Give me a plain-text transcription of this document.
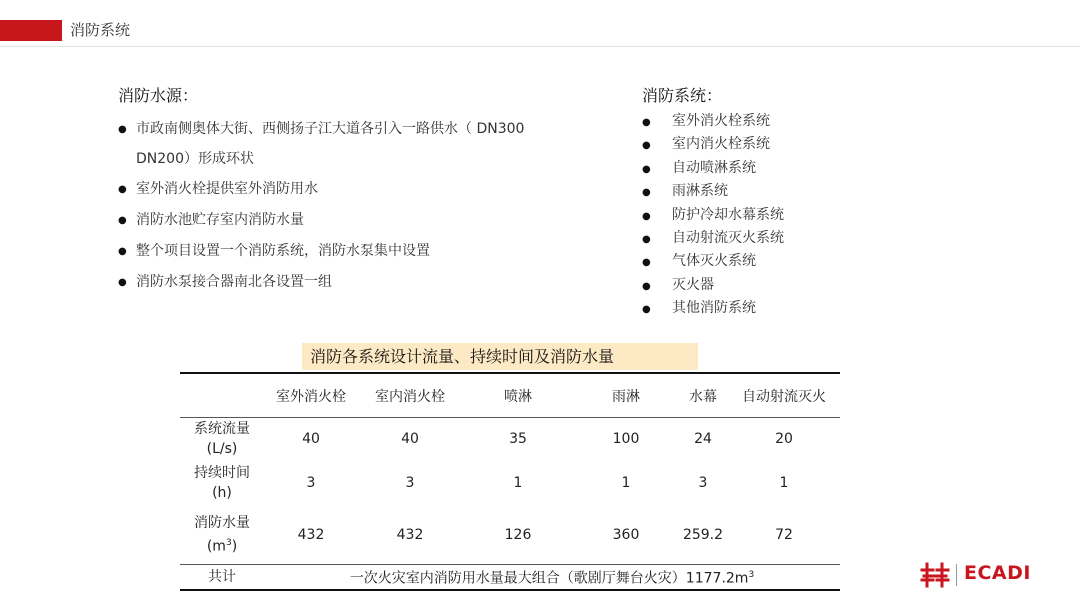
消防系统
消防水源：
●
市政南侧奥体大街、西侧扬子江大道各引入一路供水（ DN300
DN200）形成环状
●
室外消火栓提供室外消防用水
●
消防水池贮存室内消防水量
●
整个项目设置一个消防系统，消防水泵集中设置
●
消防水泵接合器南北各设置一组
消防系统：
●
室外消火栓系统
●
室内消火栓系统
●
自动喷淋系统
●
雨淋系统
●
防护冷却水幕系统
●
自动射流灭火系统
●
气体灭火系统
●
灭火器
●
其他消防系统
消防各系统设计流量、持续时间及消防水量
	室外消火栓	室内消火栓	喷淋	雨淋	水幕	自动射流灭火
系统流量
(L/s)	40	40	35	100	24	20
持续时间
(h)	3	3	1	1	3	1
消防水量
$(m^3)$	432	432	126	360	259.2	72
共计	一次火灾室内消防用水量最大组合（歌剧厅舞台火灾）$1177.2m^3$	ECADI
